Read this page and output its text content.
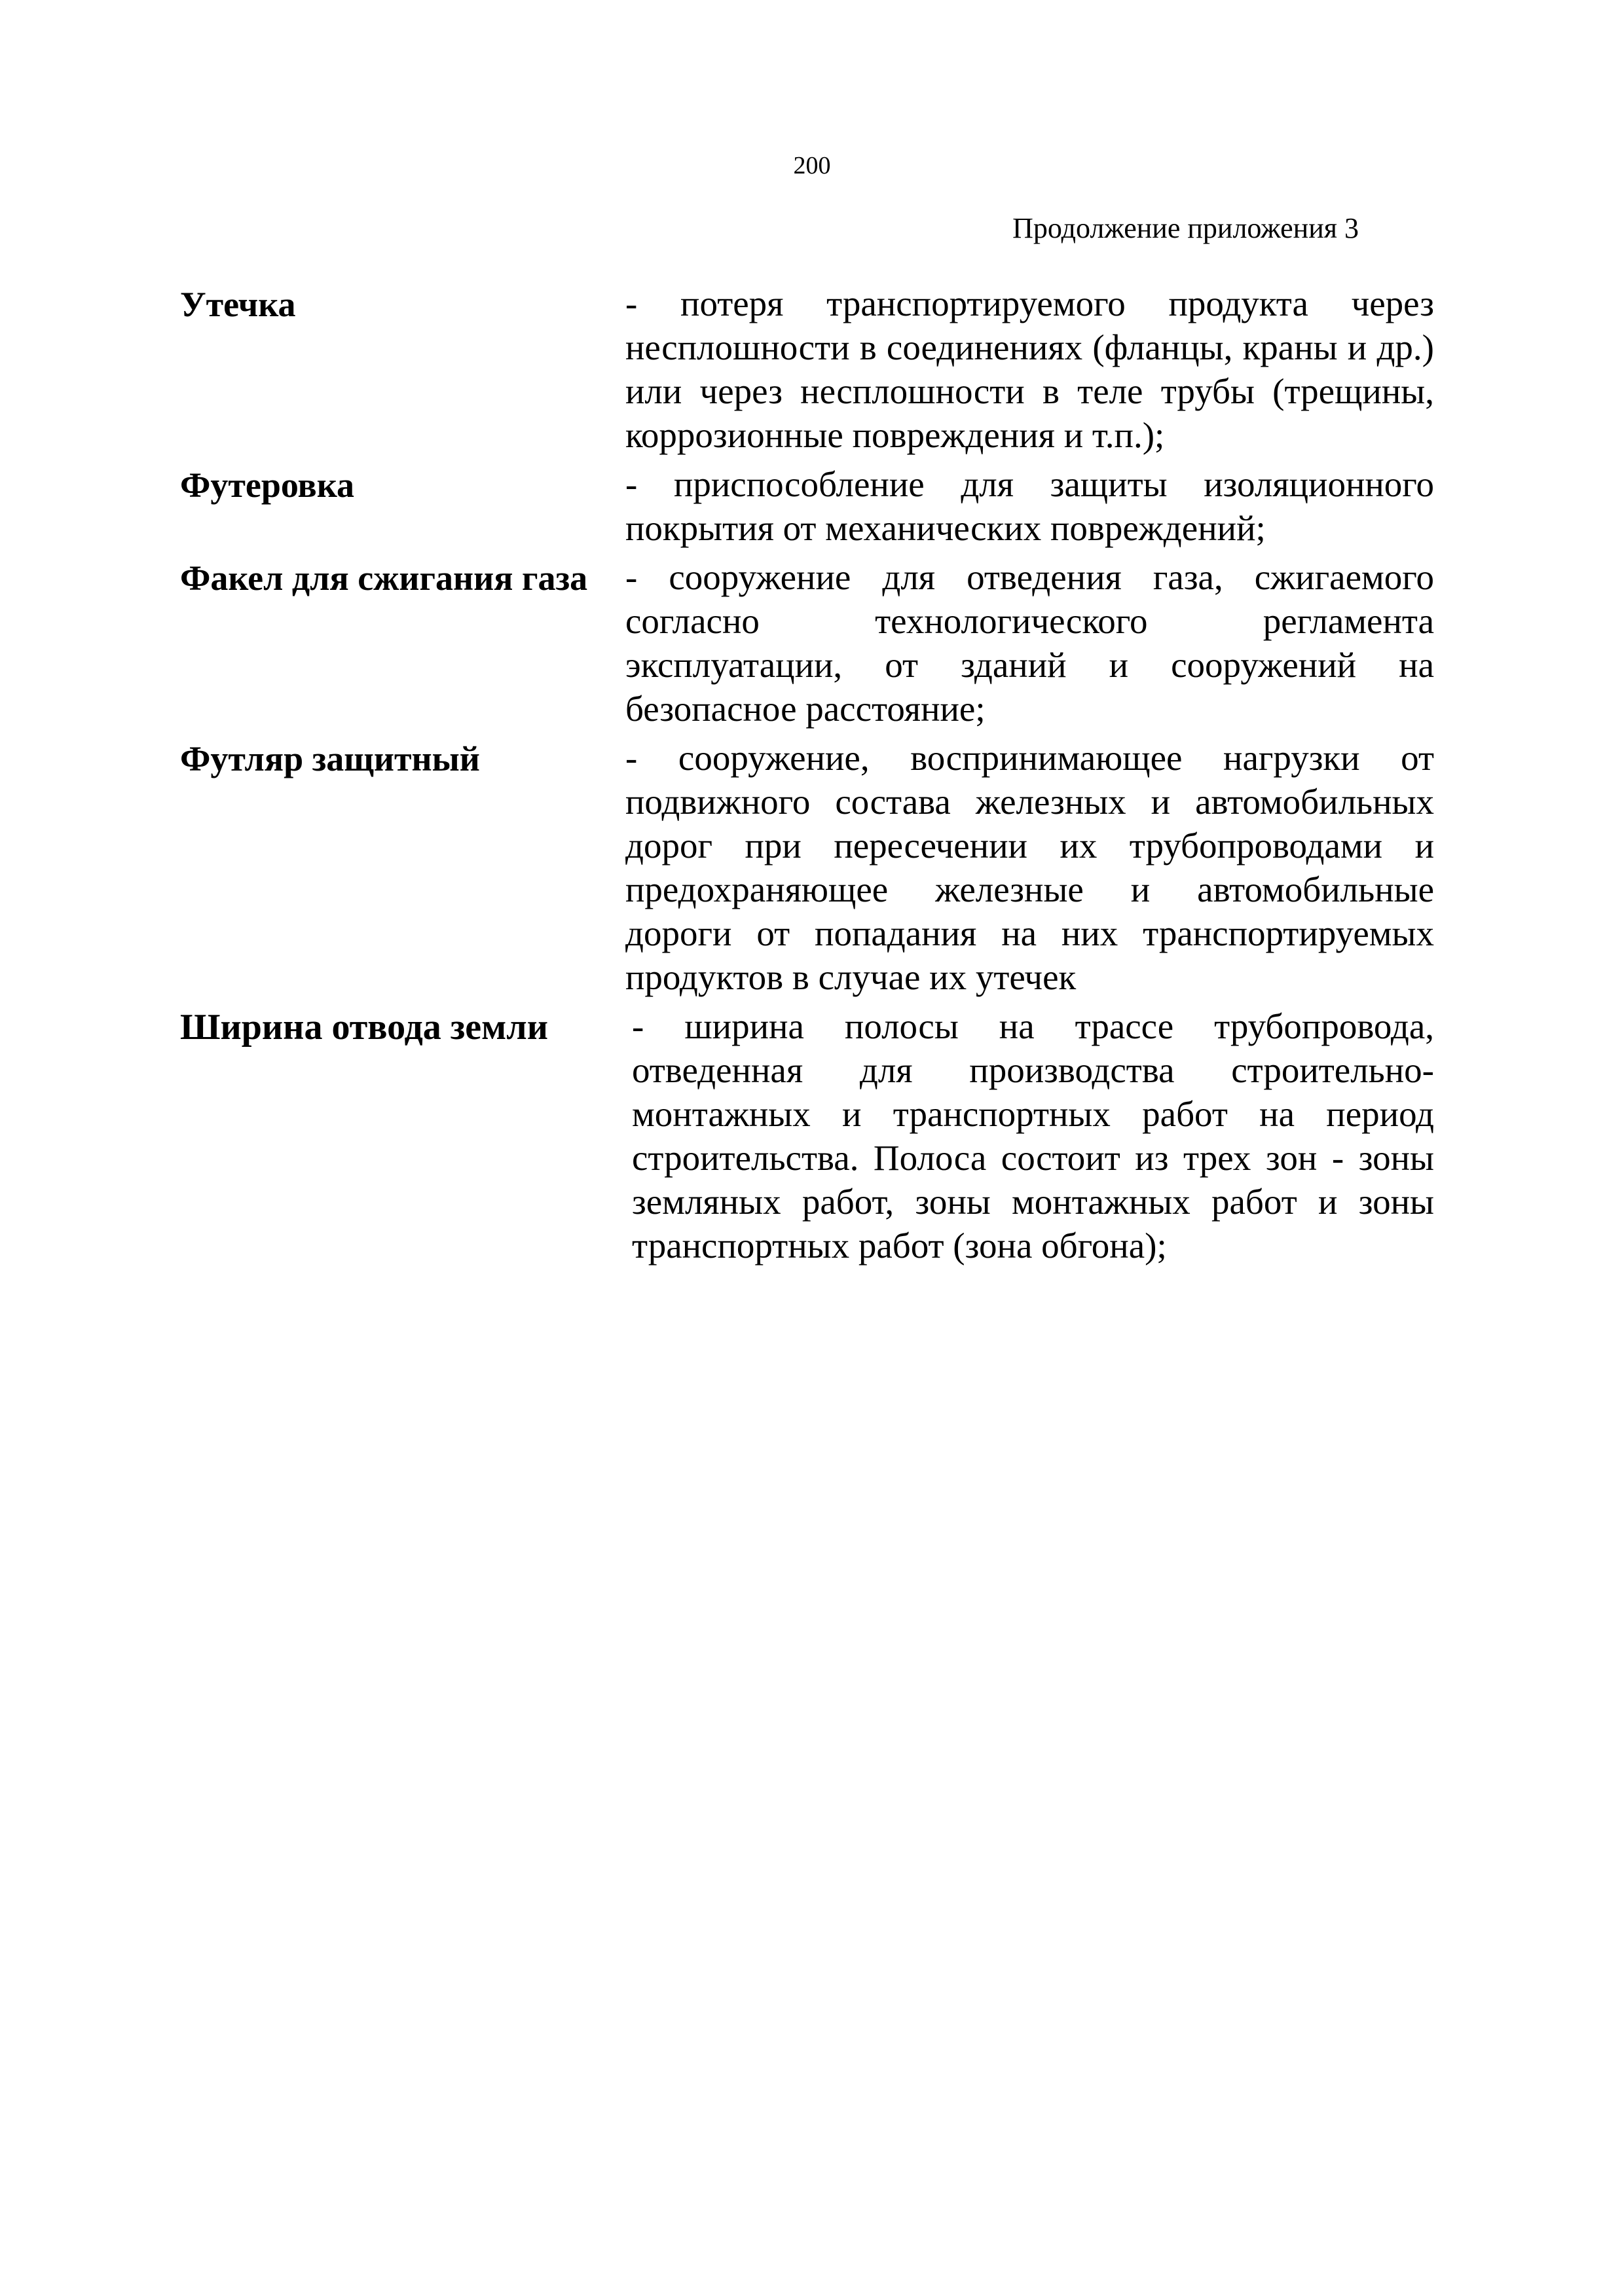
200
Продолжение приложения 3
Утечка	- потеря транспортируемого продукта через несплошности в соединениях (фланцы, краны и др.) или через несплошности в теле трубы (трещины, коррозионные повреждения и т.п.);
Футеровка	- приспособление для защиты изоляционного покрытия от механических повреждений;
Факел для сжигания газа	- сооружение для отведения газа, сжигаемого согласно технологического регламента эксплуатации, от зданий и сооружений на безопасное расстояние;
Футляр защитный	- сооружение, воспринимающее нагрузки от подвижного состава железных и автомобильных дорог при пересечении их трубопроводами и предохраняющее железные и автомобильные дороги от попадания на них транспортируемых продуктов в случае их утечек
Ширина отвода земли	- ширина полосы на трассе трубопровода, отведенная для производства строительно-монтажных и транспортных работ на период строительства. Полоса состоит из трех зон - зоны земляных работ, зоны монтажных работ и зоны транспортных работ (зона обгона);
